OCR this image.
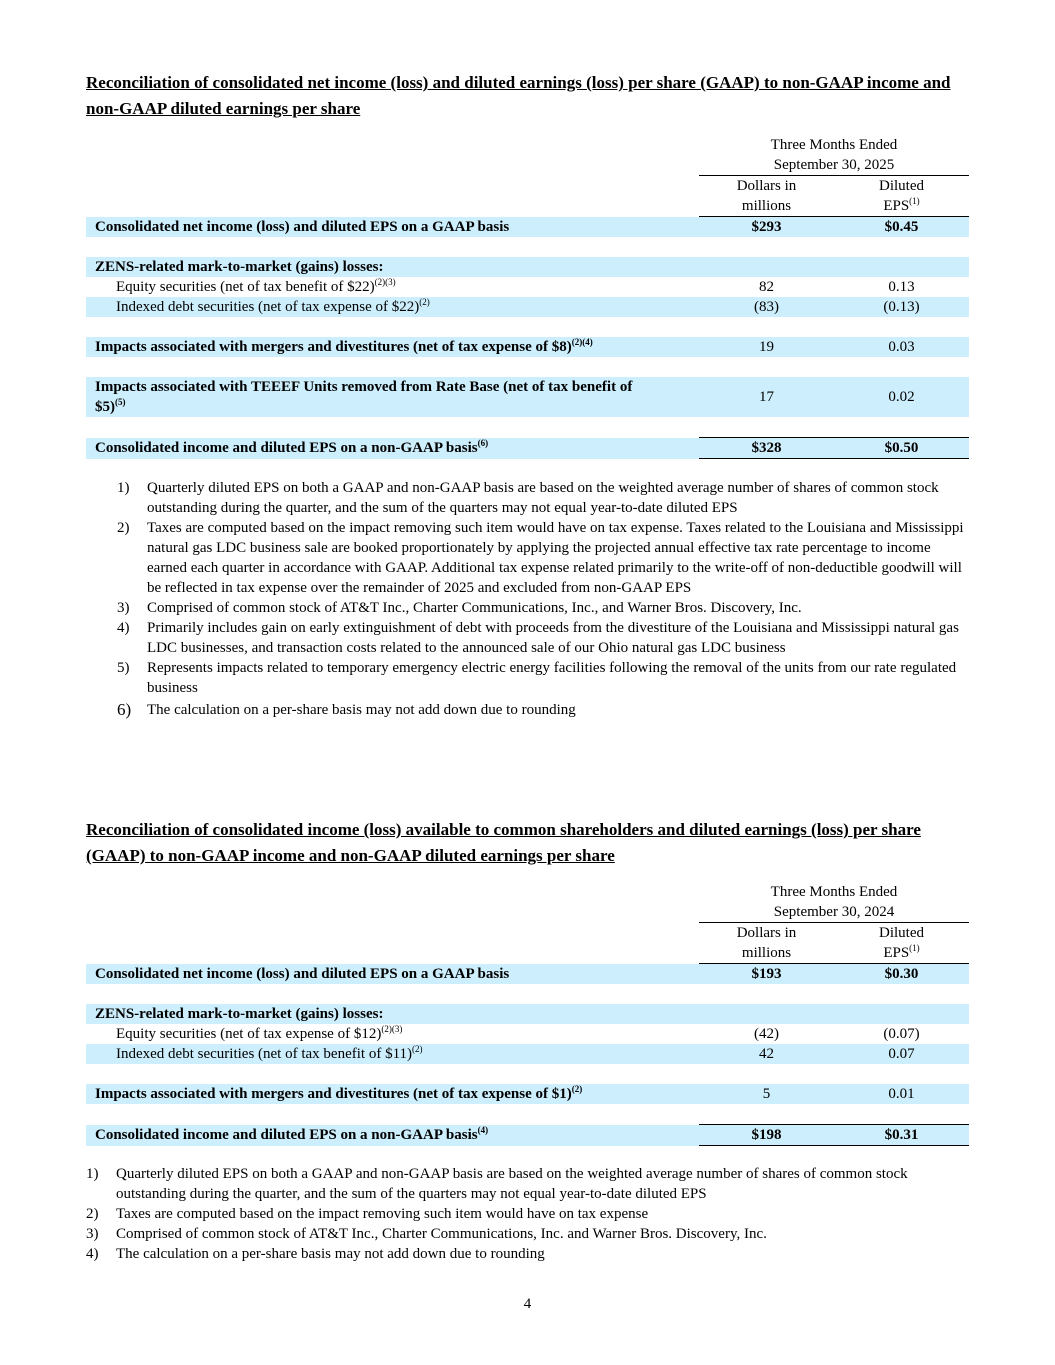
Reconciliation of consolidated net income (loss) and diluted earnings (loss) per share (GAAP) to non-GAAP income and non-GAAP diluted earnings per share
	Three Months Ended	
	September 30, 2025	
	Dollars in	Diluted
	millions	EPS$^{(1)}$
Consolidated net income (loss) and diluted EPS on a GAAP basis	$293	$0.45

ZENS-related mark-to-market (gains) losses:		
Equity securities (net of tax benefit of $22)$^{(2)(3)}$	82	0.13
Indexed debt securities (net of tax expense of $22)$^{(2)}$	(83)	(0.13)

Impacts associated with mergers and divestitures (net of tax expense of $8)$^{(2)(4)}$	19	0.03

Impacts associated with TEEEF Units removed from Rate Base (net of tax benefit of $5)$^{(5)}$	17	0.02

Consolidated income and diluted EPS on a non-GAAP basis$^{(6)}$	$328	$0.50
1) Quarterly diluted EPS on both a GAAP and non-GAAP basis are based on the weighted average number of shares of common stock outstanding during the quarter, and the sum of the quarters may not equal year-to-date diluted EPS
2) Taxes are computed based on the impact removing such item would have on tax expense. Taxes related to the Louisiana and Mississippi natural gas LDC business sale are booked proportionately by applying the projected annual effective tax rate percentage to income earned each quarter in accordance with GAAP. Additional tax expense related primarily to the write-off of non-deductible goodwill will be reflected in tax expense over the remainder of 2025 and excluded from non-GAAP EPS
3) Comprised of common stock of AT&T Inc., Charter Communications, Inc., and Warner Bros. Discovery, Inc.
4) Primarily includes gain on early extinguishment of debt with proceeds from the divestiture of the Louisiana and Mississippi natural gas LDC businesses, and transaction costs related to the announced sale of our Ohio natural gas LDC business
5) Represents impacts related to temporary emergency electric energy facilities following the removal of the units from our rate regulated business
6) The calculation on a per-share basis may not add down due to rounding
Reconciliation of consolidated income (loss) available to common shareholders and diluted earnings (loss) per share (GAAP) to non-GAAP income and non-GAAP diluted earnings per share
	Three Months Ended	
	September 30, 2024	
	Dollars in	Diluted
	millions	EPS$^{(1)}$
Consolidated net income (loss) and diluted EPS on a GAAP basis	$193	$0.30

ZENS-related mark-to-market (gains) losses:		
Equity securities (net of tax expense of $12)$^{(2)(3)}$	(42)	(0.07)
Indexed debt securities (net of tax benefit of $11)$^{(2)}$	42	0.07

Impacts associated with mergers and divestitures (net of tax expense of $1)$^{(2)}$	5	0.01

Consolidated income and diluted EPS on a non-GAAP basis$^{(4)}$	$198	$0.31
1) Quarterly diluted EPS on both a GAAP and non-GAAP basis are based on the weighted average number of shares of common stock outstanding during the quarter, and the sum of the quarters may not equal year-to-date diluted EPS
2) Taxes are computed based on the impact removing such item would have on tax expense
3) Comprised of common stock of AT&T Inc., Charter Communications, Inc. and Warner Bros. Discovery, Inc.
4) The calculation on a per-share basis may not add down due to rounding
4
